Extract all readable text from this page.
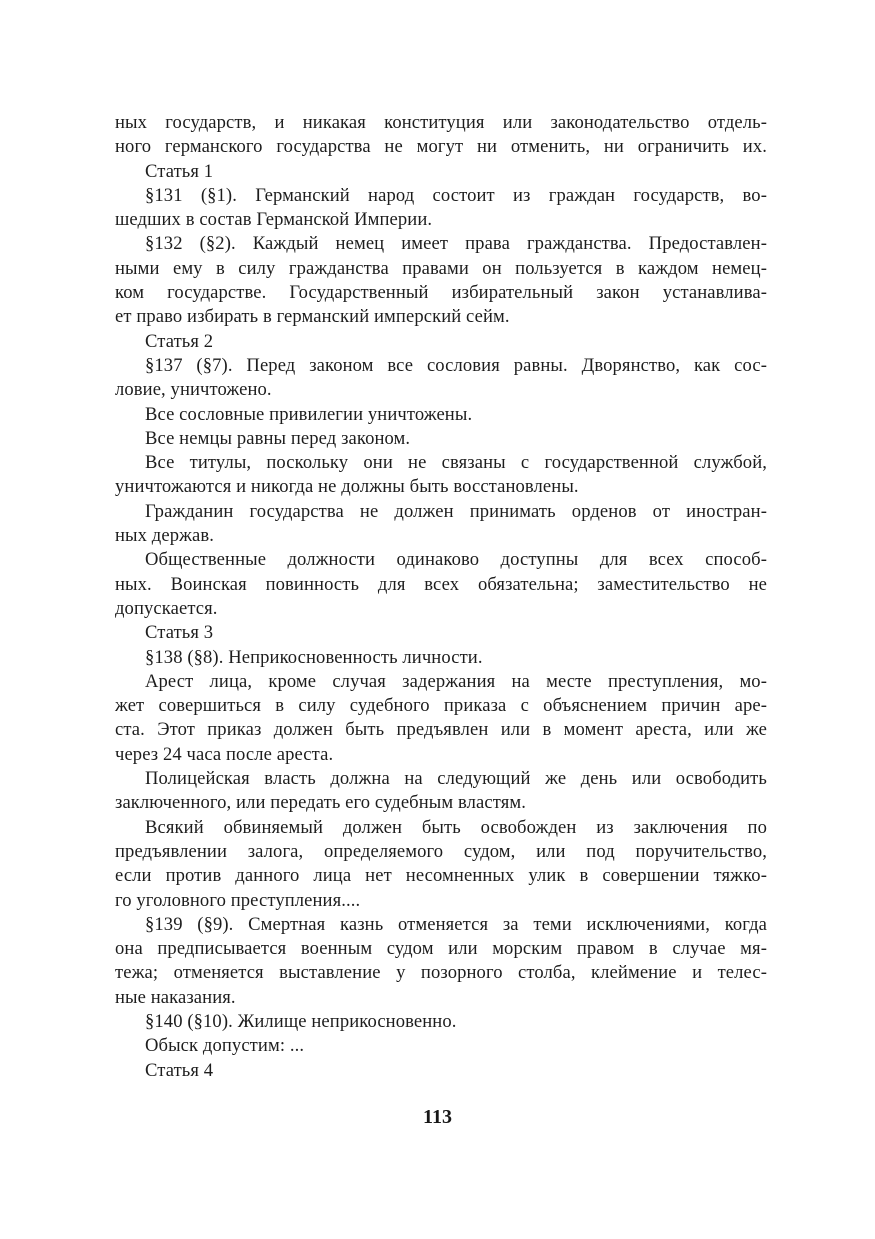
ных государств, и никакая конституция или законодательство отдель-
ного германского государства не могут ни отменить, ни ограничить их.
Статья 1
§131 (§1). Германский народ состоит из граждан государств, во-
шедших в состав Германской Империи.
§132 (§2). Каждый немец имеет права гражданства. Предоставлен-
ными ему в силу гражданства правами он пользуется в каждом немец-
ком государстве. Государственный избирательный закон устанавлива-
ет право избирать в германский имперский сейм.
Статья 2
§137 (§7). Перед законом все сословия равны. Дворянство, как сос-
ловие, уничтожено.
Все сословные привилегии уничтожены.
Все немцы равны перед законом.
Все титулы, поскольку они не связаны с государственной службой,
уничтожаются и никогда не должны быть восстановлены.
Гражданин государства не должен принимать орденов от иностран-
ных держав.
Общественные должности одинаково доступны для всех способ-
ных. Воинская повинность для всех обязательна; заместительство не
допускается.
Статья 3
§138 (§8). Неприкосновенность личности.
Арест лица, кроме случая задержания на месте преступления, мо-
жет совершиться в силу судебного приказа с объяснением причин аре-
ста. Этот приказ должен быть предъявлен или в момент ареста, или же
через 24 часа после ареста.
Полицейская власть должна на следующий же день или освободить
заключенного, или передать его судебным властям.
Всякий обвиняемый должен быть освобожден из заключения по
предъявлении залога, определяемого судом, или под поручительство,
если против данного лица нет несомненных улик в совершении тяжко-
го уголовного преступления....
§139 (§9). Смертная казнь отменяется за теми исключениями, когда
она предписывается военным судом или морским правом в случае мя-
тежа; отменяется выставление у позорного столба, клеймение и телес-
ные наказания.
§140 (§10). Жилище неприкосновенно.
Обыск допустим: ...
Статья 4
113
